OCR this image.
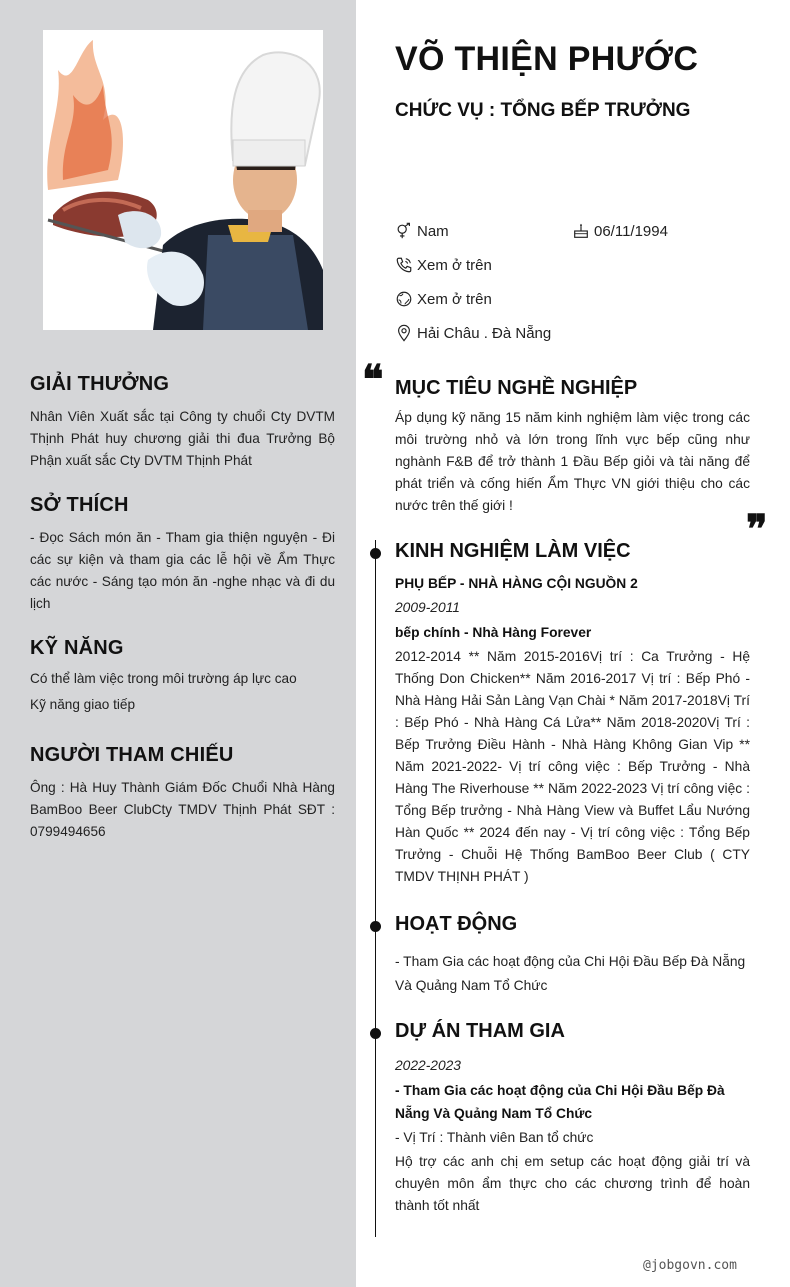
GIẢI THƯỞNG
Nhân Viên Xuất sắc tại Công ty chuổi Cty DVTM Thịnh Phát huy chương giải thi đua Trưởng Bộ Phận xuất sắc Cty DVTM Thịnh Phát
SỞ THÍCH
- Đọc Sách món ăn - Tham gia thiện nguyện - Đi các sự kiện và tham gia các lễ hội về Ẩm Thực các nước - Sáng tạo món ăn -nghe nhạc và đi du lịch
KỸ NĂNG
Có thể làm việc trong môi trường áp lực cao
Kỹ năng giao tiếp
NGƯỜI THAM CHIẾU
Ông : Hà Huy Thành Giám Đốc Chuổi Nhà Hàng BamBoo Beer ClubCty TMDV Thịnh Phát SĐT : 0799494656
VÕ THIỆN PHƯỚC
CHỨC VỤ : TỔNG BẾP TRƯỞNG
Nam	06/11/1994
Xem ở trên
Xem ở trên
Hải Châu . Đà Nẵng
❝ MỤC TIÊU NGHỀ NGHIỆP
Áp dụng kỹ năng 15 năm kinh nghiệm làm việc trong các môi trường nhỏ và lớn trong lĩnh vực bếp cũng như nghành F&B để trở thành 1 Đầu Bếp giỏi và tài năng để phát triển và cống hiến Ẩm Thực VN giới thiệu cho các nước trên thế giới !
❞
KINH NGHIỆM LÀM VIỆC
PHỤ BẾP - NHÀ HÀNG CỘI NGUỒN 2
2009-2011
bếp chính - Nhà Hàng Forever
2012-2014 ** Năm 2015-2016Vị trí : Ca Trưởng - Hệ Thống Don Chicken** Năm 2016-2017 Vị trí : Bếp Phó - Nhà Hàng Hải Sản Làng Vạn Chài * Năm 2017-2018Vị Trí : Bếp Phó - Nhà Hàng Cá Lửa** Năm 2018-2020Vị Trí : Bếp Trưởng Điều Hành - Nhà Hàng Không Gian Vip ** Năm 2021-2022- Vị trí công việc : Bếp Trưởng - Nhà Hàng The Riverhouse ** Năm 2022-2023 Vị trí công việc : Tổng Bếp trưởng - Nhà Hàng View và Buffet Lẩu Nướng Hàn Quốc ** 2024 đến nay - Vị trí công việc : Tổng Bếp Trưởng - Chuỗi Hệ Thống BamBoo Beer Club ( CTY TMDV THỊNH PHÁT )
HOẠT ĐỘNG
- Tham Gia các hoạt động của Chi Hội Đầu Bếp Đà Nẵng Và Quảng Nam Tổ Chức
DỰ ÁN THAM GIA
2022-2023
- Tham Gia các hoạt động của Chi Hội Đầu Bếp Đà Nẵng Và Quảng Nam Tổ Chức
- Vị Trí : Thành viên Ban tổ chức
Hộ trợ các anh chị em setup các hoạt động giải trí và chuyên môn ẩm thực cho các chương trình để hoàn thành tốt nhất
@jobgovn.com
